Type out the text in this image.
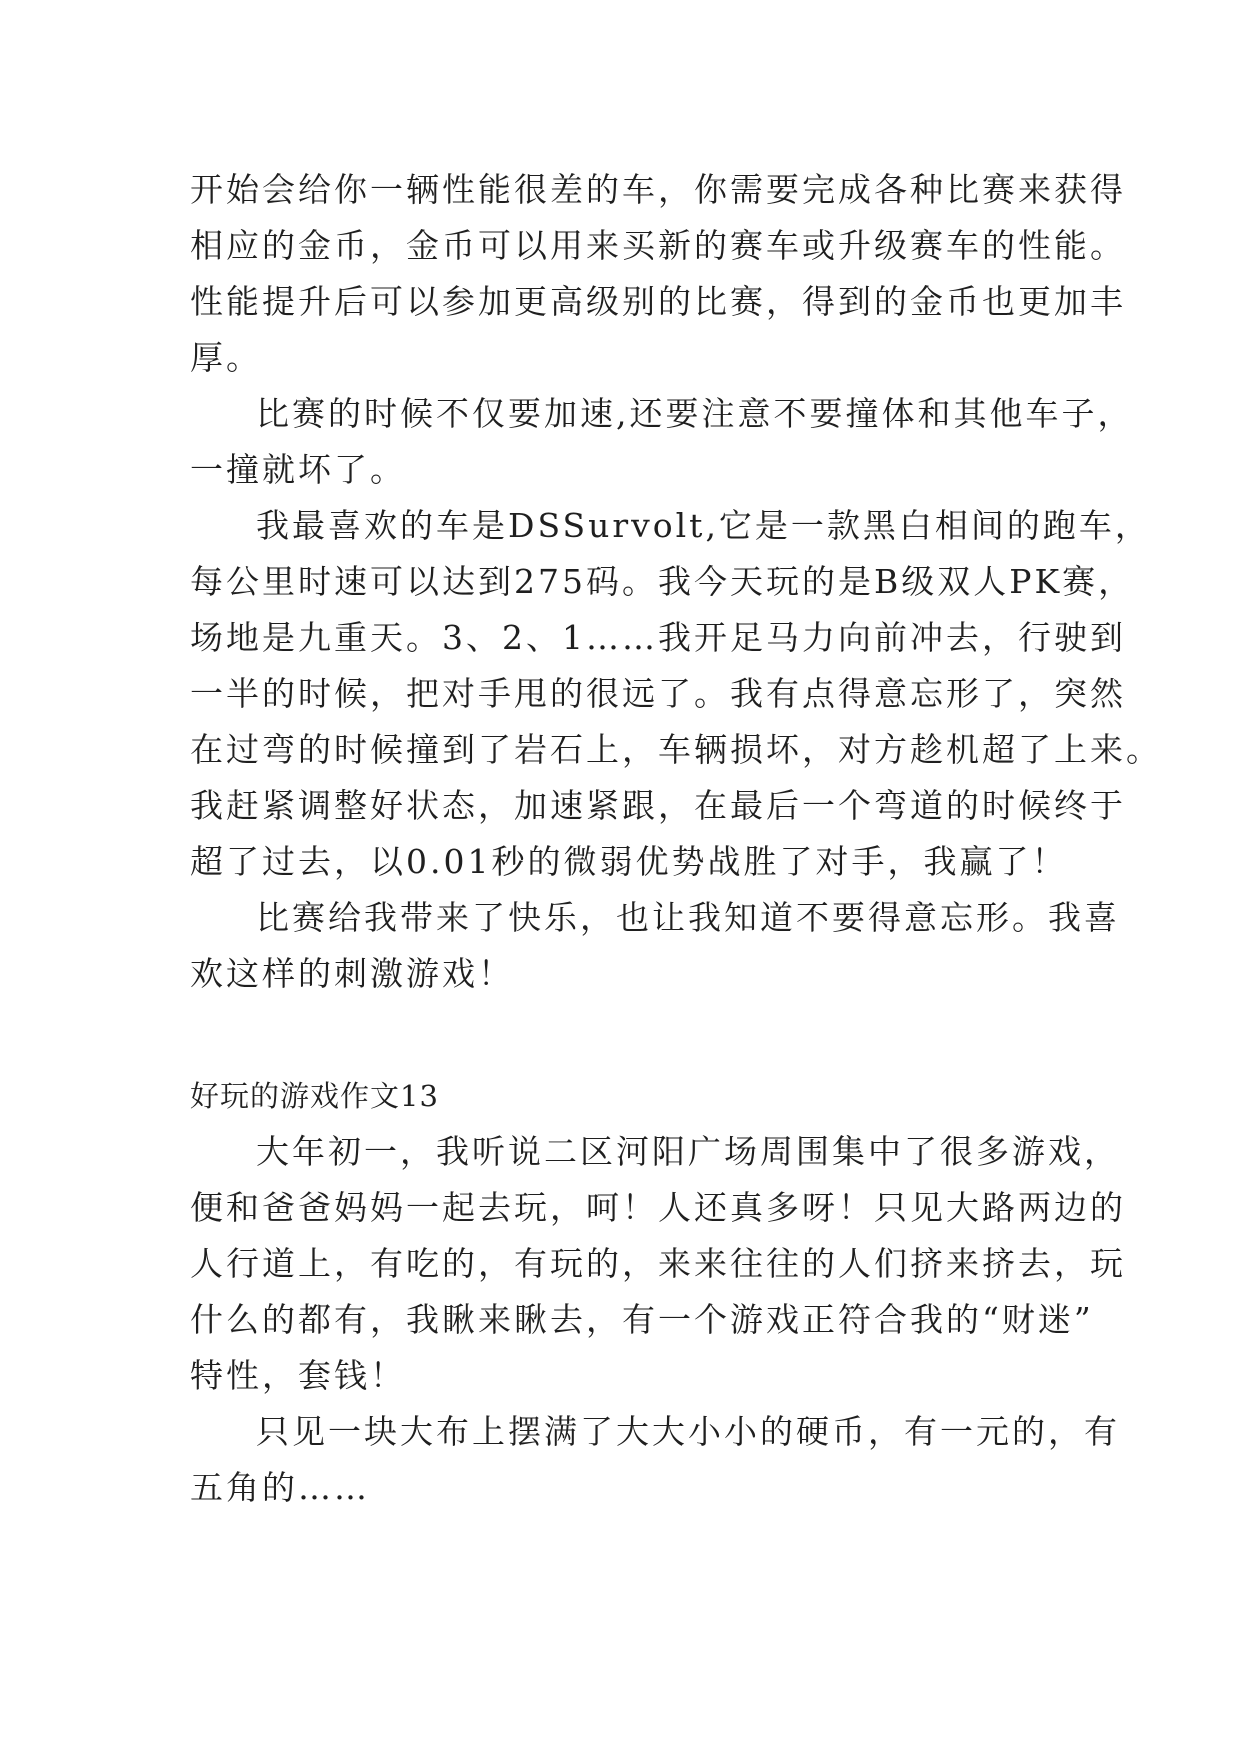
开始会给你一辆性能很差的车，你需要完成各种比赛来获得
相应的金币，金币可以用来买新的赛车或升级赛车的性能。
性能提升后可以参加更高级别的比赛，得到的金币也更加丰
厚。
比赛的时候不仅要加速,还要注意不要撞体和其他车子，
一撞就坏了。
我最喜欢的车是DSSurvolt,它是一款黑白相间的跑车，
每公里时速可以达到275码。我今天玩的是B级双人PK赛，
场地是九重天。3、2、1……我开足马力向前冲去，行驶到
一半的时候，把对手甩的很远了。我有点得意忘形了，突然
在过弯的时候撞到了岩石上，车辆损坏，对方趁机超了上来。
我赶紧调整好状态，加速紧跟，在最后一个弯道的时候终于
超了过去，以0.01秒的微弱优势战胜了对手，我赢了！
比赛给我带来了快乐，也让我知道不要得意忘形。我喜
欢这样的刺激游戏！
好玩的游戏作文13
大年初一，我听说二区河阳广场周围集中了很多游戏，
便和爸爸妈妈一起去玩，呵！人还真多呀！只见大路两边的
人行道上，有吃的，有玩的，来来往往的人们挤来挤去，玩
什么的都有，我瞅来瞅去，有一个游戏正符合我的“财迷”
特性，套钱！
只见一块大布上摆满了大大小小的硬币，有一元的，有
五角的……
